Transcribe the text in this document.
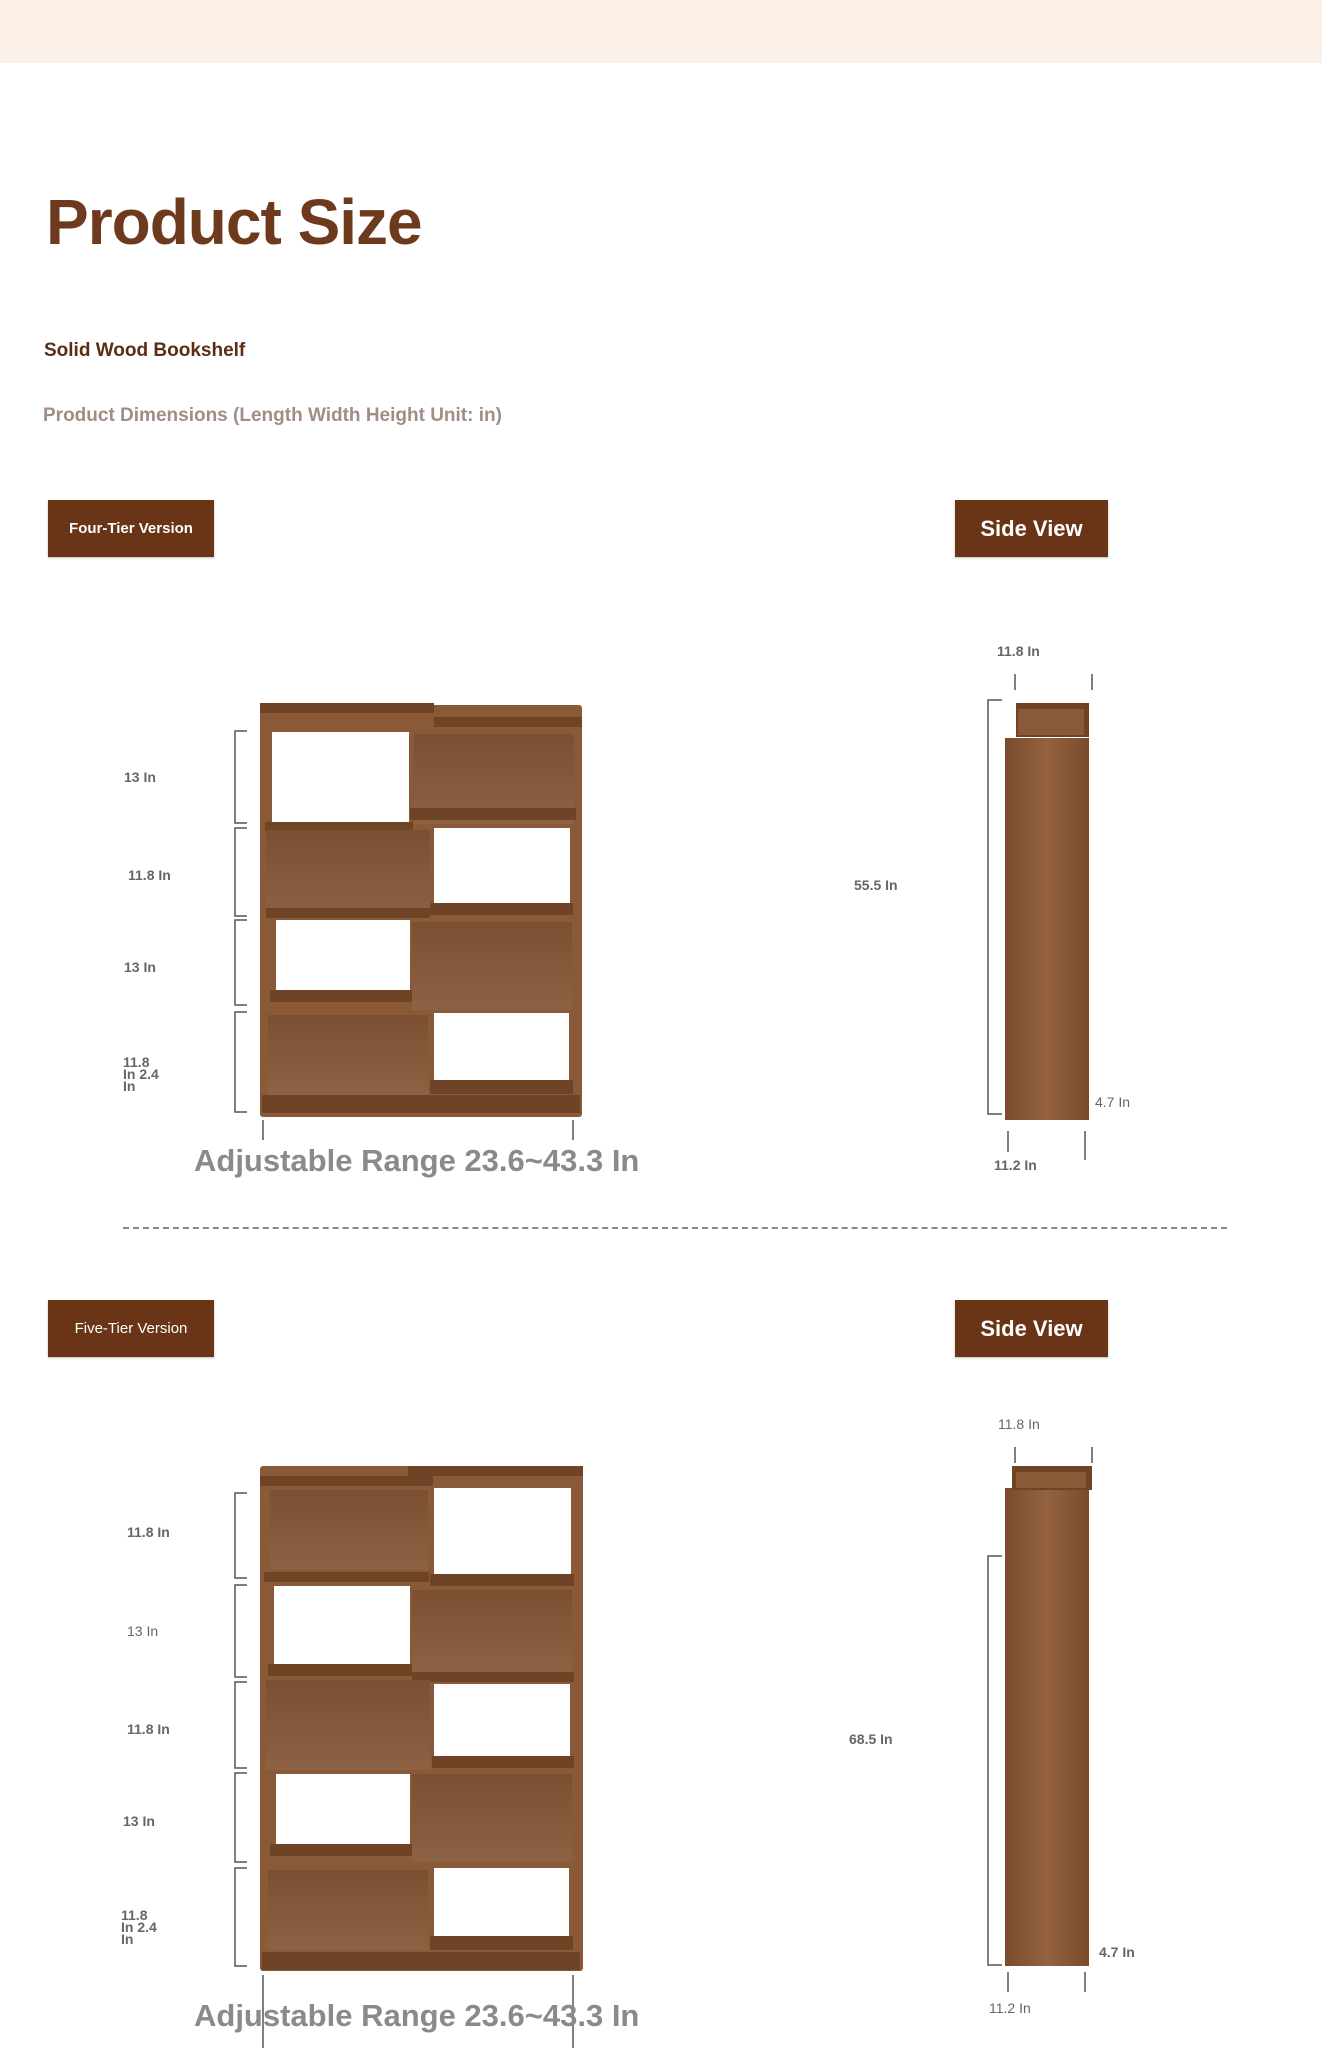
Product Size
Solid Wood Bookshelf
Product Dimensions (Length Width Height Unit: in)
Four-Tier Version	Side View
13 In
11.8 In
13 In
11.8
In 2.4
In
Adjustable Range 23.6~43.3 In
11.8 In
55.5 In
4.7 In
11.2 In
Five-Tier Version	Side View
11.8 In
13 In
11.8 In
13 In
11.8
In 2.4
In
Adjustable Range 23.6~43.3 In
11.8 In
68.5 In
4.7 In
11.2 In
